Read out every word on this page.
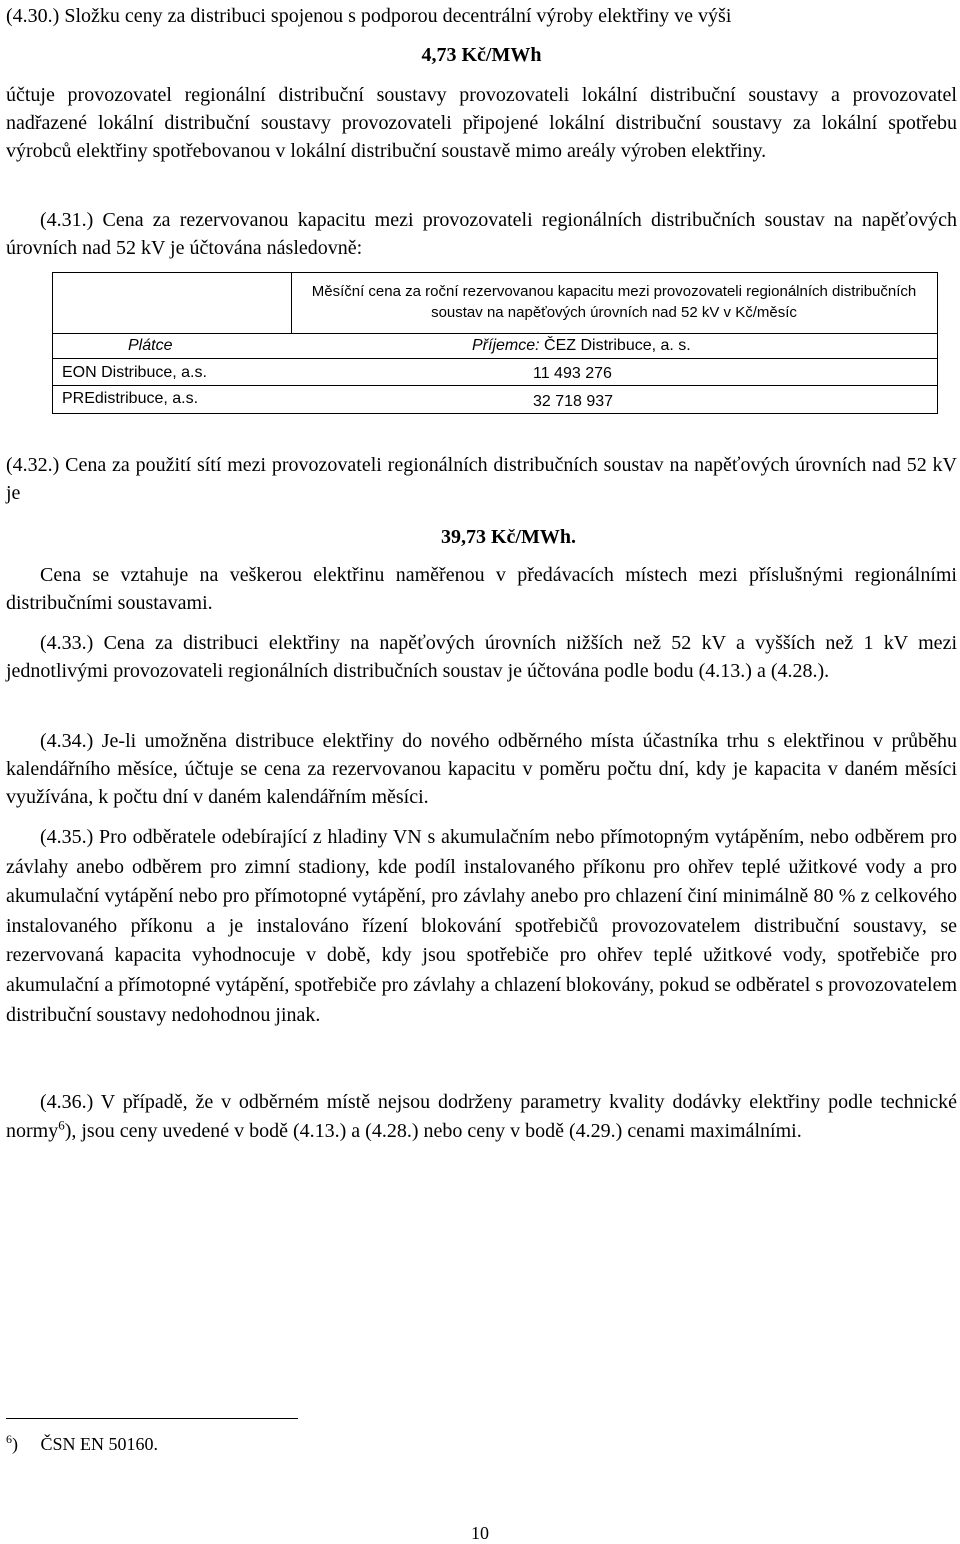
(4.30.) Složku ceny za distribuci spojenou s podporou decentrální výroby elektřiny ve výši

4,73 Kč/MWh

účtuje provozovatel regionální distribuční soustavy provozovateli lokální distribuční soustavy a provozovatel nadřazené lokální distribuční soustavy provozovateli připojené lokální distribuční soustavy za lokální spotřebu výrobců elektřiny spotřebovanou v lokální distribuční soustavě mimo areály výroben elektřiny.

(4.31.) Cena za rezervovanou kapacitu mezi provozovateli regionálních distribučních soustav na napěťových úrovních nad 52 kV je účtována následovně:

Měsíční cena za roční rezervovanou kapacitu mezi provozovateli regionálních distribučních soustav na napěťových úrovních nad 52 kV v Kč/měsíc
Plátce	Příjemce: ČEZ Distribuce, a. s.
EON Distribuce, a.s.	11 493 276
PREdistribuce, a.s.	32 718 937

(4.32.) Cena za použití sítí mezi provozovateli regionálních distribučních soustav na napěťových úrovních nad 52 kV je

39,73 Kč/MWh.

Cena se vztahuje na veškerou elektřinu naměřenou v předávacích místech mezi příslušnými regionálními distribučními soustavami.

(4.33.) Cena za distribuci elektřiny na napěťových úrovních nižších než 52 kV a vyšších než 1 kV mezi jednotlivými provozovateli regionálních distribučních soustav je účtována podle bodu (4.13.) a (4.28.).

(4.34.) Je-li umožněna distribuce elektřiny do nového odběrného místa účastníka trhu s elektřinou v průběhu kalendářního měsíce, účtuje se cena za rezervovanou kapacitu v poměru počtu dní, kdy je kapacita v daném měsíci využívána, k počtu dní v daném kalendářním měsíci.

(4.35.) Pro odběratele odebírající z hladiny VN s akumulačním nebo přímotopným vytápěním, nebo odběrem pro závlahy anebo odběrem pro zimní stadiony, kde podíl instalovaného příkonu pro ohřev teplé užitkové vody a pro akumulační vytápění nebo pro přímotopné vytápění, pro závlahy anebo pro chlazení činí minimálně 80 % z celkového instalovaného příkonu a je instalováno řízení blokování spotřebičů provozovatelem distribuční soustavy, se rezervovaná kapacita vyhodnocuje v době, kdy jsou spotřebiče pro ohřev teplé užitkové vody, spotřebiče pro akumulační a přímotopné vytápění, spotřebiče pro závlahy a chlazení blokovány, pokud se odběratel s provozovatelem distribuční soustavy nedohodnou jinak.

(4.36.) V případě, že v odběrném místě nejsou dodrženy parametry kvality dodávky elektřiny podle technické normy$^6$), jsou ceny uvedené v bodě (4.13.) a (4.28.) nebo ceny v bodě (4.29.) cenami maximálními.

$^6$)     ČSN EN 50160.

10
